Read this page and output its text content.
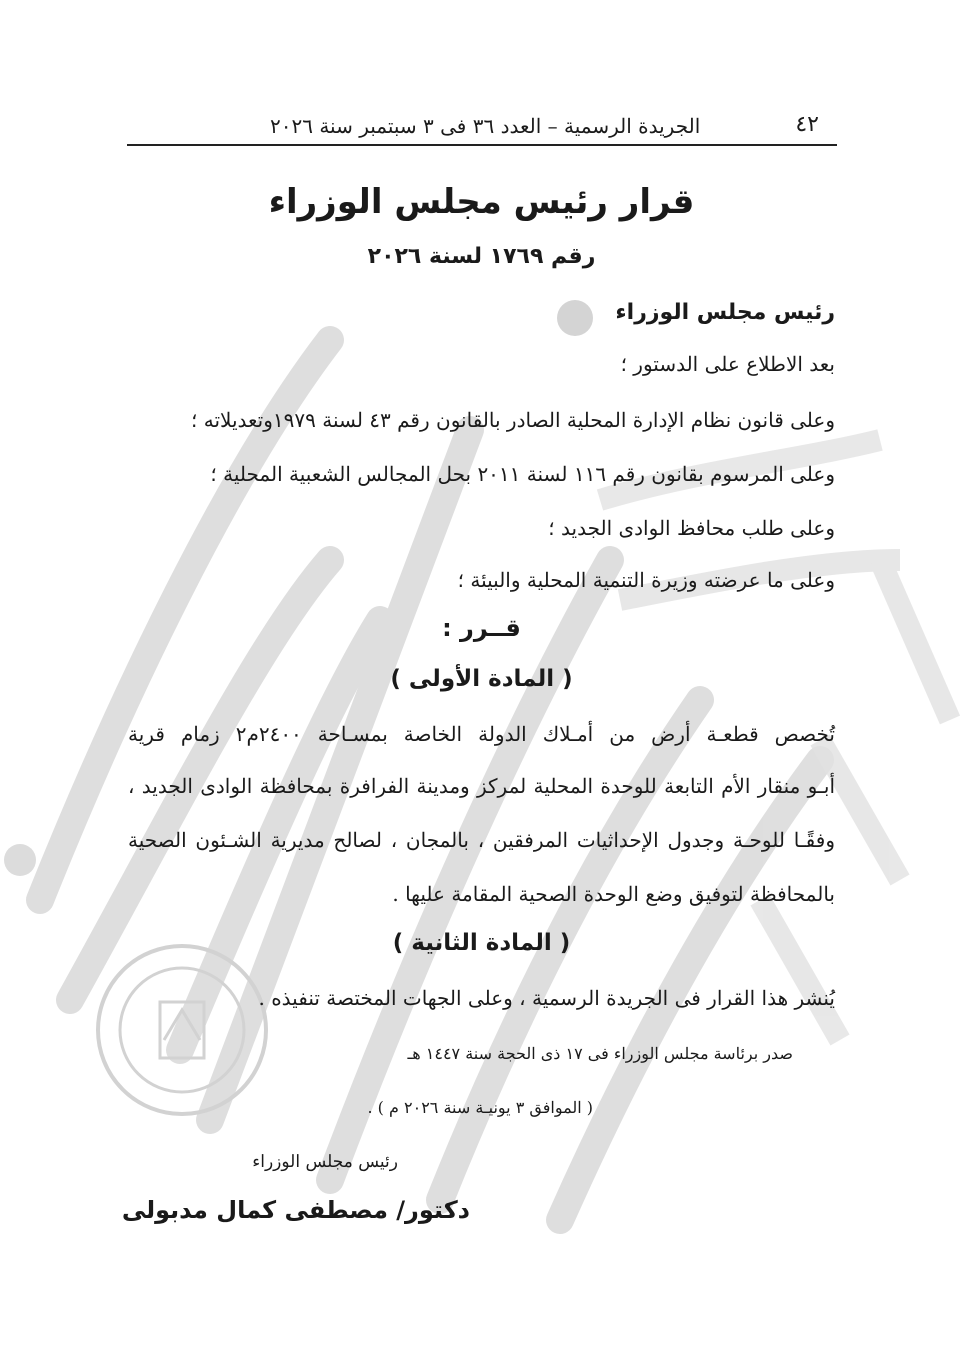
٤٢
الجريدة الرسمية – العدد ٣٦ فى ٣ سبتمبر سنة ٢٠٢٦
قرار رئيس مجلس الوزراء
رقم ١٧٦٩ لسنة ٢٠٢٦
رئيس مجلس الوزراء
بعد الاطلاع على الدستور ؛
وعلى قانون نظام الإدارة المحلية الصادر بالقانون رقم ٤٣ لسنة ١٩٧٩وتعديلاته ؛
وعلى المرسوم بقانون رقم ١١٦ لسنة ٢٠١١ بحل المجالس الشعبية المحلية ؛
وعلى طلب محافظ الوادى الجديد ؛
وعلى ما عرضته وزيرة التنمية المحلية والبيئة ؛
قــرر :
( المادة الأولى )
تُخصص قطعـة أرض من أمـلاك الدولة الخاصة بمسـاحة ٢٤٠٠م٢ زمام قرية
أبـو منقار الأم التابعة للوحدة المحلية لمركز ومدينة الفرافرة بمحافظة الوادى الجديد ،
وفقًـا للوحـة وجدول الإحداثيات المرفقين ، بالمجان ، لصالح مديرية الشـئون الصحية
بالمحافظة لتوفيق وضع الوحدة الصحية المقامة عليها .
( المادة الثانية )
يُنشر هذا القرار فى الجريدة الرسمية ، وعلى الجهات المختصة تنفيذه .
صدر برئاسة مجلس الوزراء فى ١٧ ذى الحجة سنة ١٤٤٧ هـ
( الموافق ٣ يونيـة سنة ٢٠٢٦ م ) .
رئيس مجلس الوزراء
دكتور/ مصطفى كمال مدبولى
